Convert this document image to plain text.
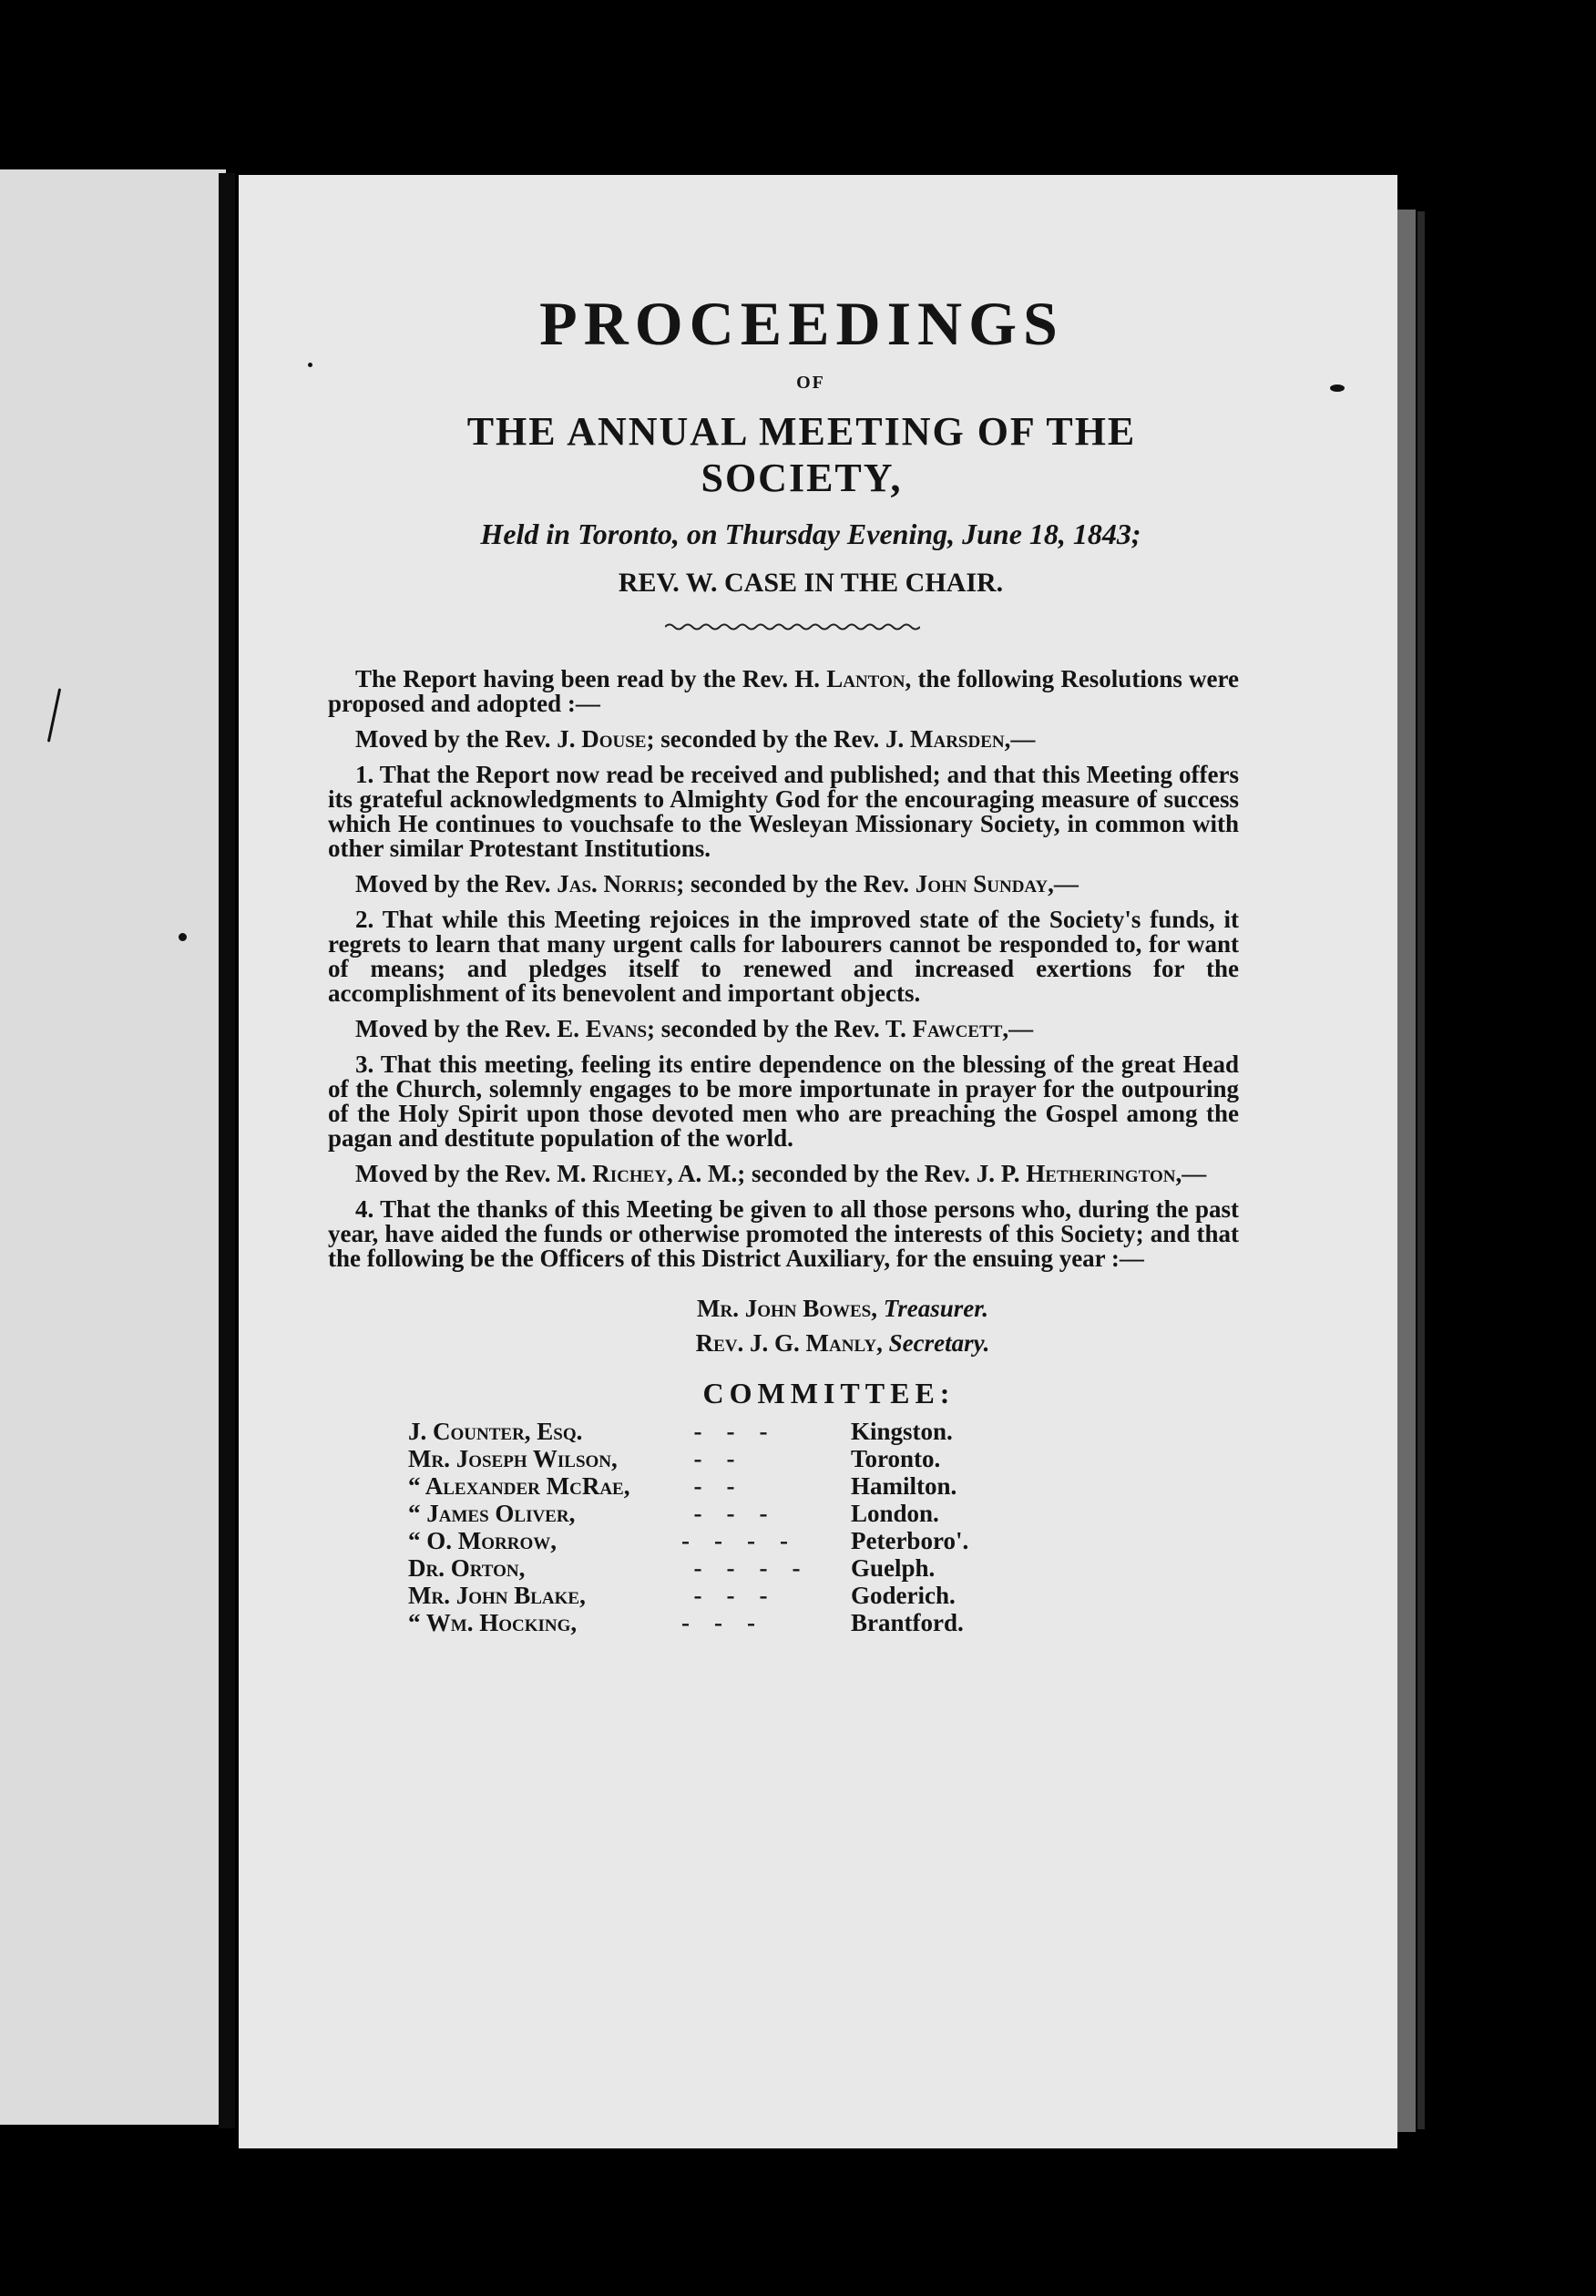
PROCEEDINGS
OF
THE ANNUAL MEETING OF THE SOCIETY,
Held in Toronto, on Thursday Evening, June 18, 1843;
REV. W. CASE IN THE CHAIR.

The Report having been read by the Rev. H. Lanton, the following Resolutions were proposed and adopted :—

Moved by the Rev. J. Douse; seconded by the Rev. J. Marsden,—

1. That the Report now read be received and published; and that this Meeting offers its grateful acknowledgments to Almighty God for the encouraging measure of success which He continues to vouchsafe to the Wesleyan Missionary Society, in common with other similar Protestant Institutions.

Moved by the Rev. Jas. Norris; seconded by the Rev. John Sunday,—

2. That while this Meeting rejoices in the improved state of the Society's funds, it regrets to learn that many urgent calls for labourers cannot be responded to, for want of means; and pledges itself to renewed and increased exertions for the accomplishment of its benevolent and important objects.

Moved by the Rev. E. Evans; seconded by the Rev. T. Fawcett,—

3. That this meeting, feeling its entire dependence on the blessing of the great Head of the Church, solemnly engages to be more importunate in prayer for the outpouring of the Holy Spirit upon those devoted men who are preaching the Gospel among the pagan and destitute population of the world.

Moved by the Rev. M. Richey, A. M.; seconded by the Rev. J. P. Hetherington,—

4. That the thanks of this Meeting be given to all those persons who, during the past year, have aided the funds or otherwise promoted the interests of this Society; and that the following be the Officers of this District Auxiliary, for the ensuing year :—

Mr. John Bowes, Treasurer.
Rev. J. G. Manly, Secretary.
COMMITTEE:
J. Counter, Esq.	-    -    -	Kingston.
Mr. Joseph Wilson,	-    -	Toronto.
“ Alexander McRae,	-    -	Hamilton.
“ James Oliver,	-    -    -	London.
“ O. Morrow,	-    -    -    -	Peterboro'.
Dr. Orton,	-    -    -    -	Guelph.
Mr. John Blake,	-    -    -	Goderich.
“ Wm. Hocking,	-    -    -	Brantford.
